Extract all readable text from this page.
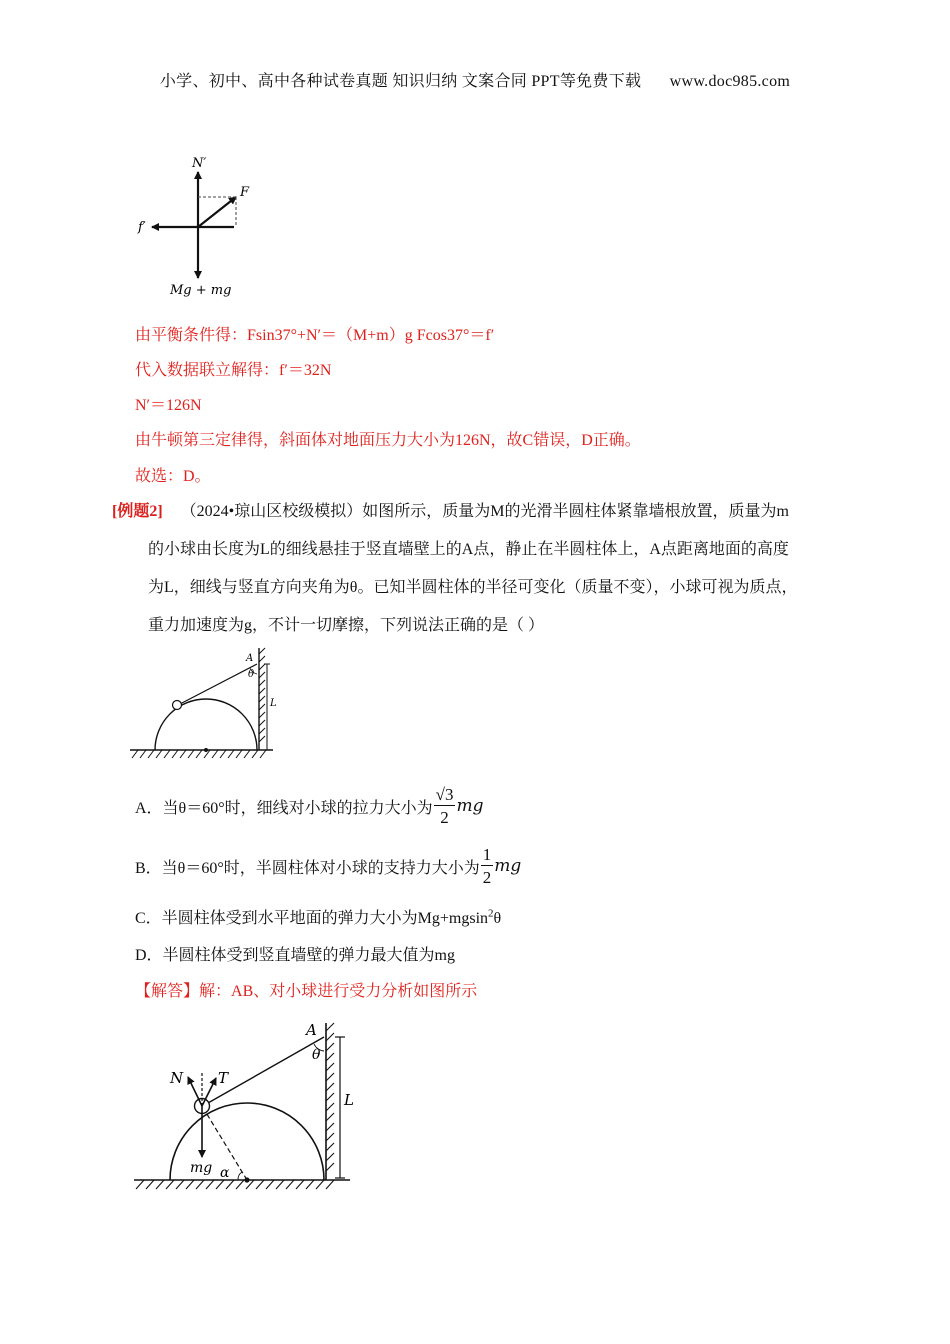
小学、初中、高中各种试卷真题 知识归纳 文案合同 PPT等免费下载 www.doc985.com
N′
F
f′
Mg + mg
由平衡条件得：Fsin37°+N′＝（M+m）g Fcos37°＝f′
代入数据联立解得：f′＝32N
N′＝126N
由牛顿第三定律得，斜面体对地面压力大小为126N，故C错误，D正确。
故选：D。
[例题2] （2024•琼山区校级模拟）如图所示，质量为M的光滑半圆柱体紧靠墙根放置，质量为m
的小球由长度为L的细线悬挂于竖直墙壁上的A点，静止在半圆柱体上，A点距离地面的高度
为L，细线与竖直方向夹角为θ。已知半圆柱体的半径可变化（质量不变），小球可视为质点，
重力加速度为g，不计一切摩擦，下列说法正确的是（ ）
A
θ
L
A．当θ＝60°时，细线对小球的拉力大小为 $\frac{√3}{2}$ mg
B．当θ＝60°时，半圆柱体对小球的支持力大小为 $\frac{1}{2}$ mg
C．半圆柱体受到水平地面的弹力大小为Mg+mgsin$^2$θ
D．半圆柱体受到竖直墙壁的弹力最大值为mg
【解答】解：AB、对小球进行受力分析如图所示
A
θ
L
N T
mg α
